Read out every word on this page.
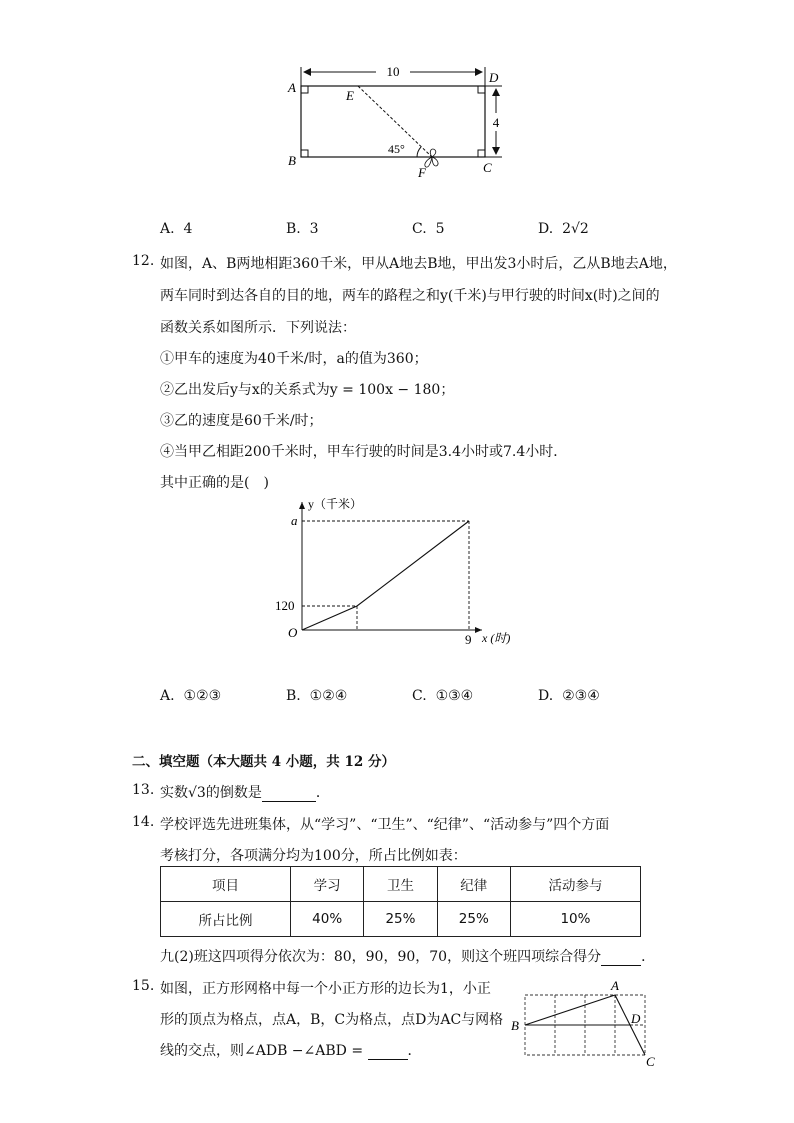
10
4
45°
A
D
E
B
F	C
A. 4	B. 3	C. 5	D. 2√2
12. 如图，A、B两地相距360千米，甲从A地去B地，甲出发3小时后，乙从B地去A地，
两车同时到达各自的目的地，两车的路程之和y(千米)与甲行驶的时间x(时)之间的
函数关系如图所示．下列说法：
①甲车的速度为40千米/时，a的值为360；
②乙出发后y与x的关系式为y = 100x − 180；
③乙的速度是60千米/时；
④当甲乙相距200千米时，甲车行驶的时间是3.4小时或7.4小时．
其中正确的是(　)
y（千米）
x (时)
O
a
120
9
A. ①②③	B. ①②④	C. ①③④	D. ②③④
二、填空题（本大题共 4 小题，共 12 分）
13. 实数√3的倒数是	．
14. 学校评选先进班集体，从“学习”、“卫生”、“纪律”、“活动参与”四个方面
考核打分，各项满分均为100分，所占比例如表：
项目	学习	卫生	纪律	活动参与
所占比例	40%	25%	25%	10%
九(2)班这四项得分依次为：80，90，90，70，则这个班四项综合得分	．
15. 如图，正方形网格中每一个小正方形的边长为1，小正
形的顶点为格点，点A，B，C为格点，点D为AC与网格
线的交点，则∠ADB −∠ABD =	．
A
B
C
D
